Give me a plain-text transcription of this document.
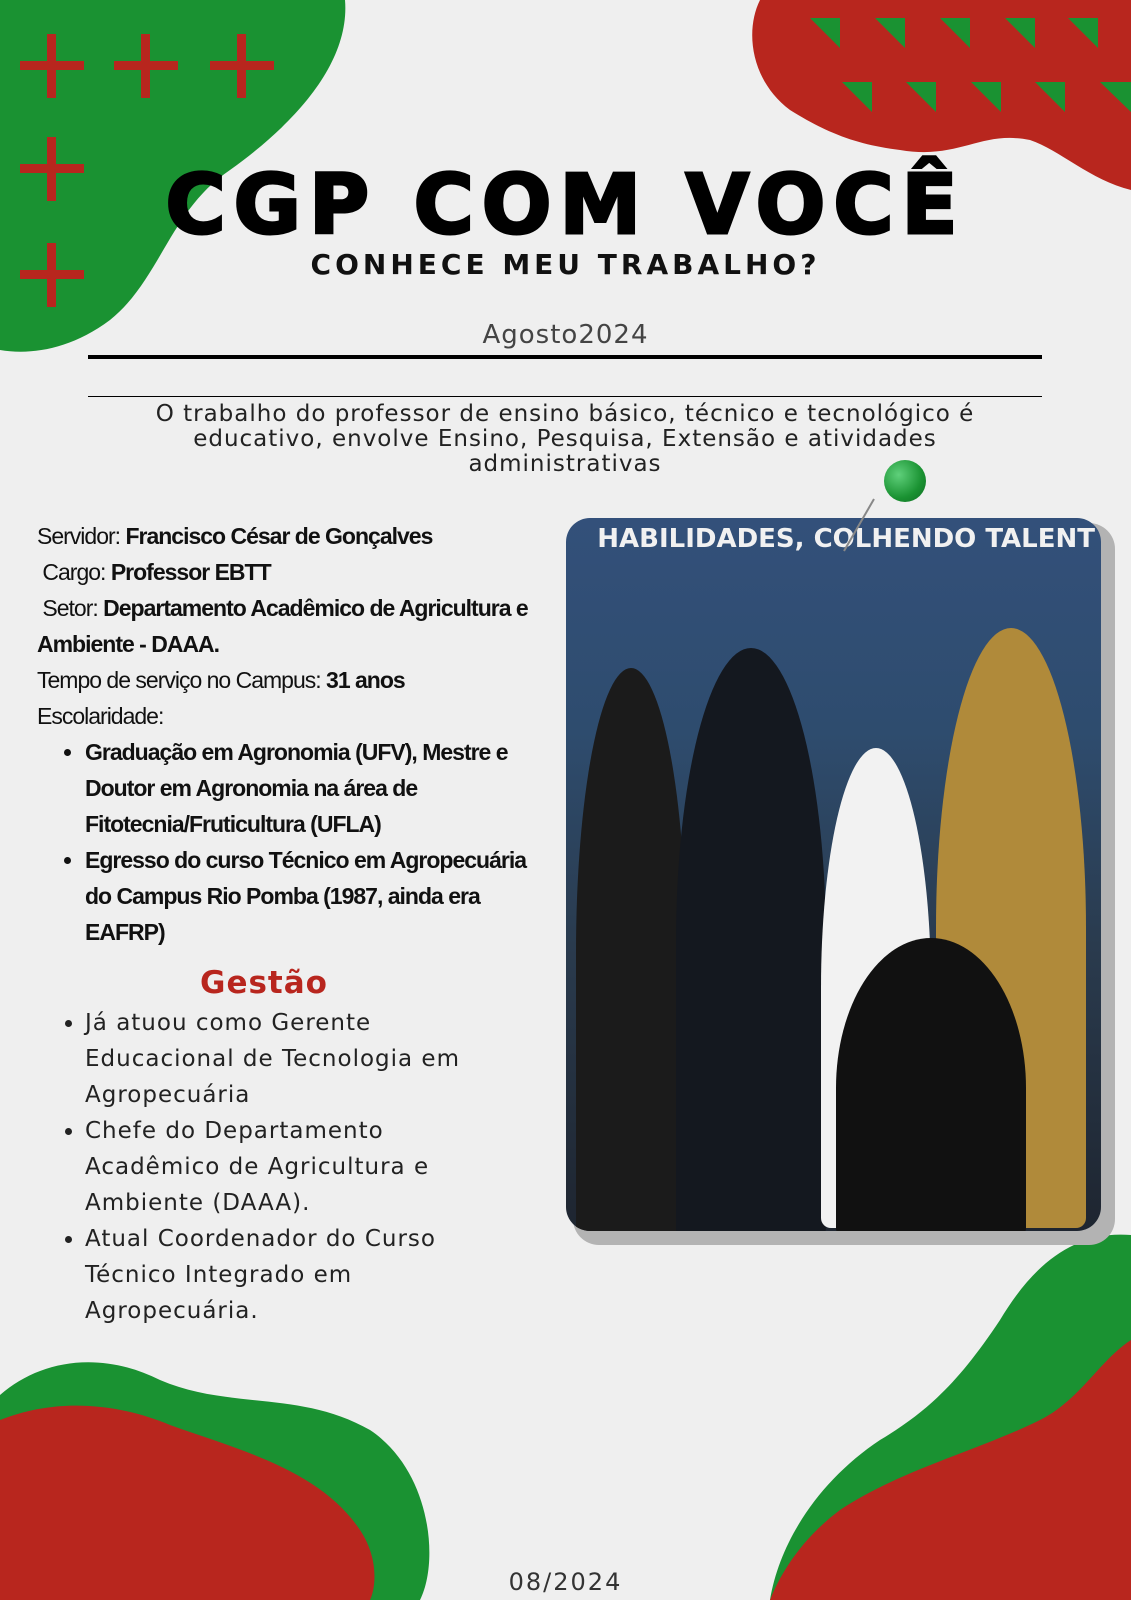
CGP COM VOCÊ
CONHECE MEU TRABALHO?
Agosto2024
O trabalho do professor de ensino básico, técnico e tecnológico é educativo, envolve Ensino, Pesquisa, Extensão e atividades administrativas
Servidor: Francisco César de Gonçalves
Cargo: Professor EBTT
Setor: Departamento Acadêmico de Agricultura e Ambiente - DAAA.
Tempo de serviço no Campus: 31 anos
Escolaridade:
• Graduação em Agronomia (UFV), Mestre e Doutor em Agronomia na área de Fitotecnia/Fruticultura (UFLA)
• Egresso do curso Técnico em Agropecuária do Campus Rio Pomba (1987, ainda era EAFRP)
Gestão
• Já atuou como Gerente Educacional de Tecnologia em Agropecuária
• Chefe do Departamento Acadêmico de Agricultura e Ambiente (DAAA).
• Atual Coordenador do Curso Técnico Integrado em Agropecuária.
HABILIDADES, COLHENDO TALENT
08/2024
